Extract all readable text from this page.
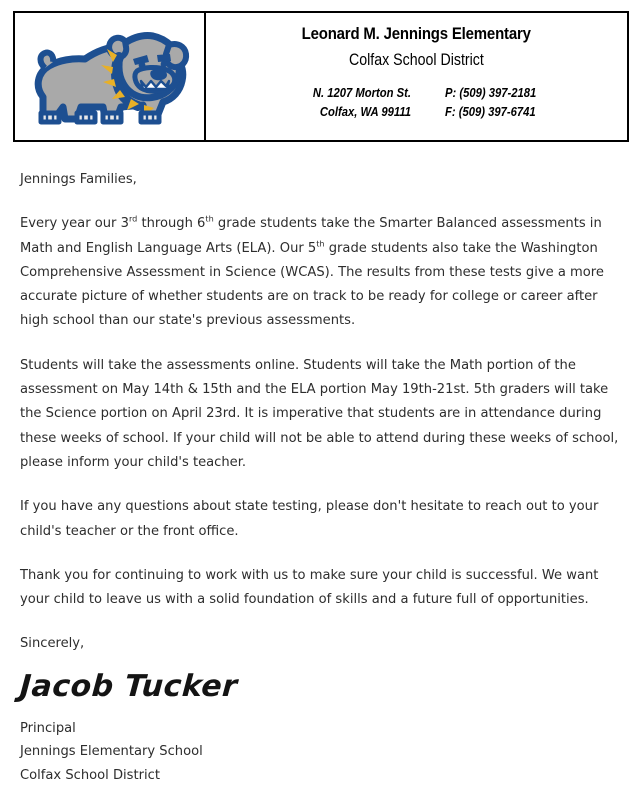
Leonard M. Jennings Elementary
Colfax School District
N. 1207 Morton St.
Colfax, WA 99111
P: (509) 397-2181
F: (509) 397-6741

Jennings Families,

Every year our 3rd through 6th grade students take the Smarter Balanced assessments in Math and English Language Arts (ELA). Our 5th grade students also take the Washington Comprehensive Assessment in Science (WCAS). The results from these tests give a more accurate picture of whether students are on track to be ready for college or career after high school than our state's previous assessments.

Students will take the assessments online. Students will take the Math portion of the assessment on May 14th & 15th and the ELA portion May 19th-21st. 5th graders will take the Science portion on April 23rd. It is imperative that students are in attendance during these weeks of school. If your child will not be able to attend during these weeks of school, please inform your child's teacher.

If you have any questions about state testing, please don't hesitate to reach out to your child's teacher or the front office.

Thank you for continuing to work with us to make sure your child is successful. We want your child to leave us with a solid foundation of skills and a future full of opportunities.

Sincerely,

Jacob Tucker
Principal
Jennings Elementary School
Colfax School District
